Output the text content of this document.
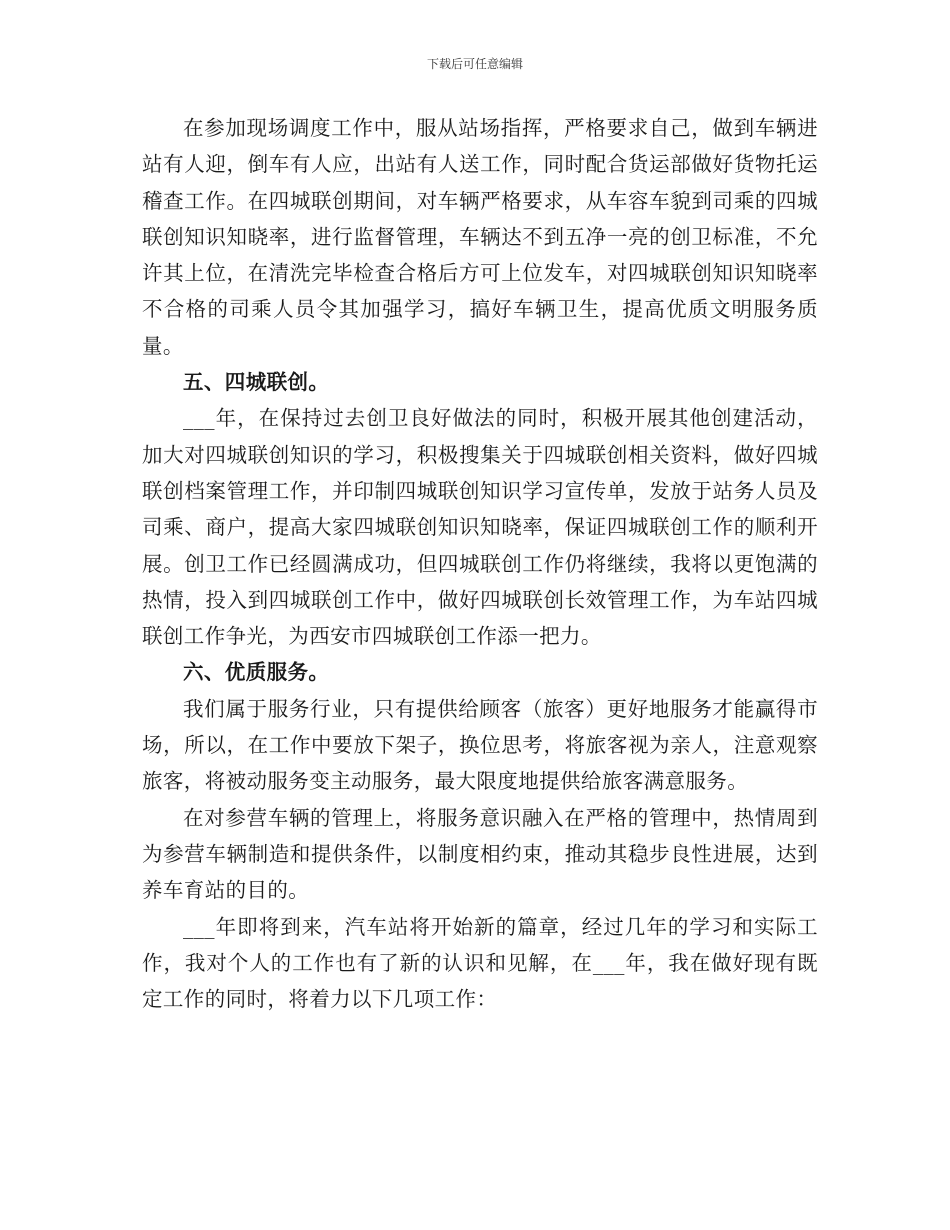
下载后可任意编辑

在参加现场调度工作中，服从站场指挥，严格要求自己，做到车辆进站有人迎，倒车有人应，出站有人送工作，同时配合货运部做好货物托运稽查工作。在四城联创期间，对车辆严格要求，从车容车貌到司乘的四城联创知识知晓率，进行监督管理，车辆达不到五净一亮的创卫标准，不允许其上位，在清洗完毕检查合格后方可上位发车，对四城联创知识知晓率不合格的司乘人员令其加强学习，搞好车辆卫生，提高优质文明服务质量。

五、四城联创。

___年，在保持过去创卫良好做法的同时，积极开展其他创建活动，加大对四城联创知识的学习，积极搜集关于四城联创相关资料，做好四城联创档案管理工作，并印制四城联创知识学习宣传单，发放于站务人员及司乘、商户，提高大家四城联创知识知晓率，保证四城联创工作的顺利开展。创卫工作已经圆满成功，但四城联创工作仍将继续，我将以更饱满的热情，投入到四城联创工作中，做好四城联创长效管理工作，为车站四城联创工作争光，为西安市四城联创工作添一把力。

六、优质服务。

我们属于服务行业，只有提供给顾客（旅客）更好地服务才能赢得市场，所以，在工作中要放下架子，换位思考，将旅客视为亲人，注意观察旅客，将被动服务变主动服务，最大限度地提供给旅客满意服务。

在对参营车辆的管理上，将服务意识融入在严格的管理中，热情周到为参营车辆制造和提供条件，以制度相约束，推动其稳步良性进展，达到养车育站的目的。

___年即将到来，汽车站将开始新的篇章，经过几年的学习和实际工作，我对个人的工作也有了新的认识和见解，在___年，我在做好现有既定工作的同时，将着力以下几项工作：
